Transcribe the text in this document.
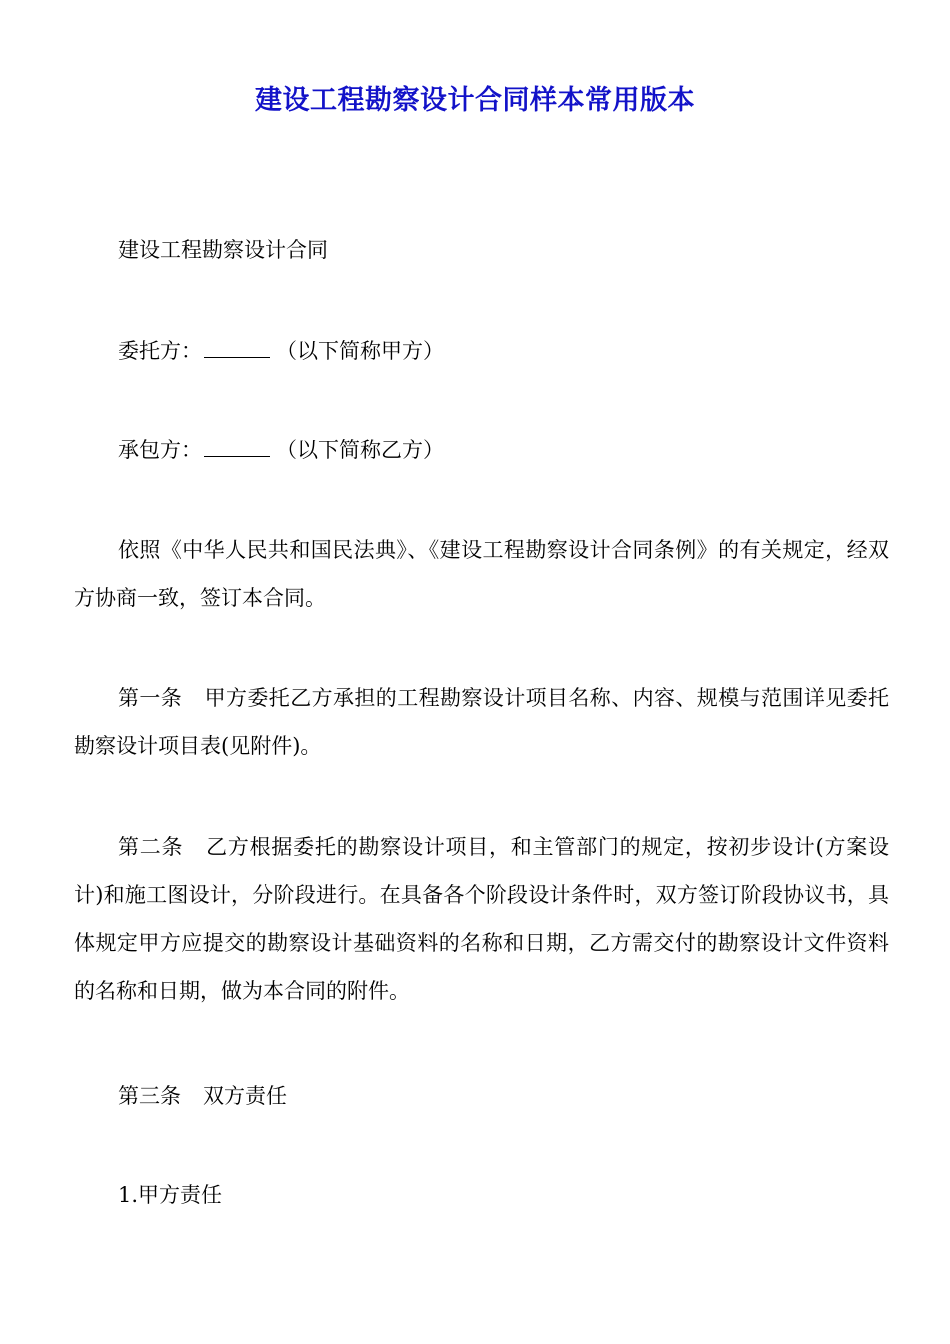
建设工程勘察设计合同样本常用版本

建设工程勘察设计合同

委托方：	（以下简称甲方）

承包方：	（以下简称乙方）

依照《中华人民共和国民法典》、《建设工程勘察设计合同条例》的有关规定，经双方协商一致，签订本合同。

第一条 甲方委托乙方承担的工程勘察设计项目名称、内容、规模与范围详见委托勘察设计项目表(见附件)。

第二条 乙方根据委托的勘察设计项目，和主管部门的规定，按初步设计(方案设计)和施工图设计，分阶段进行。在具备各个阶段设计条件时，双方签订阶段协议书，具体规定甲方应提交的勘察设计基础资料的名称和日期，乙方需交付的勘察设计文件资料的名称和日期，做为本合同的附件。

第三条 双方责任

1.甲方责任
